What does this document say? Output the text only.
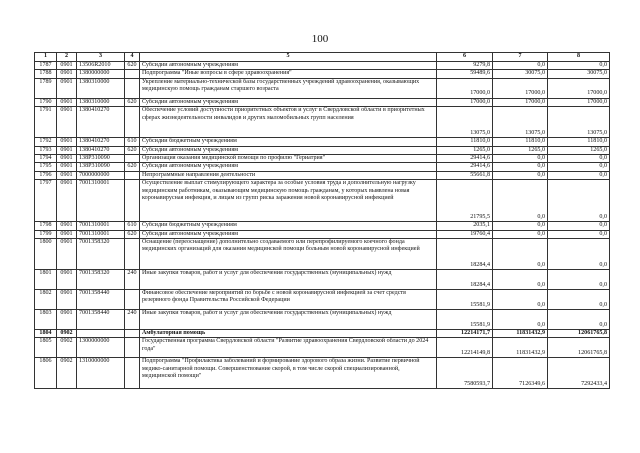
100
1	2	3	4	5	6	7	8
1787	0901	13506R2010	620	Субсидии автономным учреждениям	9279,8	0,0	0,0
1788	0901	1380000000		Подпрограмма "Иные вопросы в сфере здравоохранения"	59489,6	30075,0	30075,0
1789	0901	1380310000		Укрепление материально-технической базы государственных учреждений здравоохранения, оказывающих медицинскую помощь гражданам старшего возраста	17000,0	17000,0	17000,0
1790	0901	1380310000	620	Субсидии автономным учреждениям	17000,0	17000,0	17000,0
1791	0901	1380410270		Обеспечение условий доступности приоритетных объектов и услуг в Свердловской области в приоритетных сферах жизнедеятельности инвалидов и других маломобильных групп населения	13075,0	13075,0	13075,0
1792	0901	1380410270	610	Субсидии бюджетным учреждениям	11810,0	11810,0	11810,0
1793	0901	1380410270	620	Субсидии автономным учреждениям	1265,0	1265,0	1265,0
1794	0901	138P310090		Организация оказания медицинской помощи по профилю "Гериатрия"	29414,6	0,0	0,0
1795	0901	138P310090	620	Субсидии автономным учреждениям	29414,6	0,0	0,0
1796	0901	7000000000		Непрограммные направления деятельности	55661,8	0,0	0,0
1797	0901	7001310001		Осуществление выплат стимулирующего характера за особые условия труда и дополнительную нагрузку медицинским работникам, оказывающим медицинскую помощь гражданам, у которых выявлена новая коронавирусная инфекция, и лицам из групп риска заражения новой коронавирусной инфекцией	21795,5	0,0	0,0
1798	0901	7001310001	610	Субсидии бюджетным учреждениям	2035,1	0,0	0,0
1799	0901	7001310001	620	Субсидии автономным учреждениям	19760,4	0,0	0,0
1800	0901	7001358320		Оснащение (переоснащение) дополнительно создаваемого или перепрофилируемого коечного фонда медицинских организаций для оказания медицинской помощи больным новой коронавирусной инфекцией	18284,4	0,0	0,0
1801	0901	7001358320	240	Иные закупки товаров, работ и услуг для обеспечения государственных (муниципальных) нужд	18284,4	0,0	0,0
1802	0901	7001358440		Финансовое обеспечение мероприятий по борьбе с новой коронавирусной инфекцией за счет средств резервного фонда Правительства Российской Федерации	15581,9	0,0	0,0
1803	0901	7001358440	240	Иные закупки товаров, работ и услуг для обеспечения государственных (муниципальных) нужд	15581,9	0,0	0,0
1804	0902			Амбулаторная помощь	12214171,7	11831432,9	12061765,8
1805	0902	1300000000		Государственная программа Свердловской области "Развитие здравоохранения Свердловской области до 2024 года"	12214149,8	11831432,9	12061765,8
1806	0902	1310000000		Подпрограмма "Профилактика заболеваний и формирование здорового образа жизни. Развитие первичной медико-санитарной помощи. Совершенствование скорой, в том числе скорой специализированной, медицинской помощи"	7580593,7	7126349,6	7292433,4
